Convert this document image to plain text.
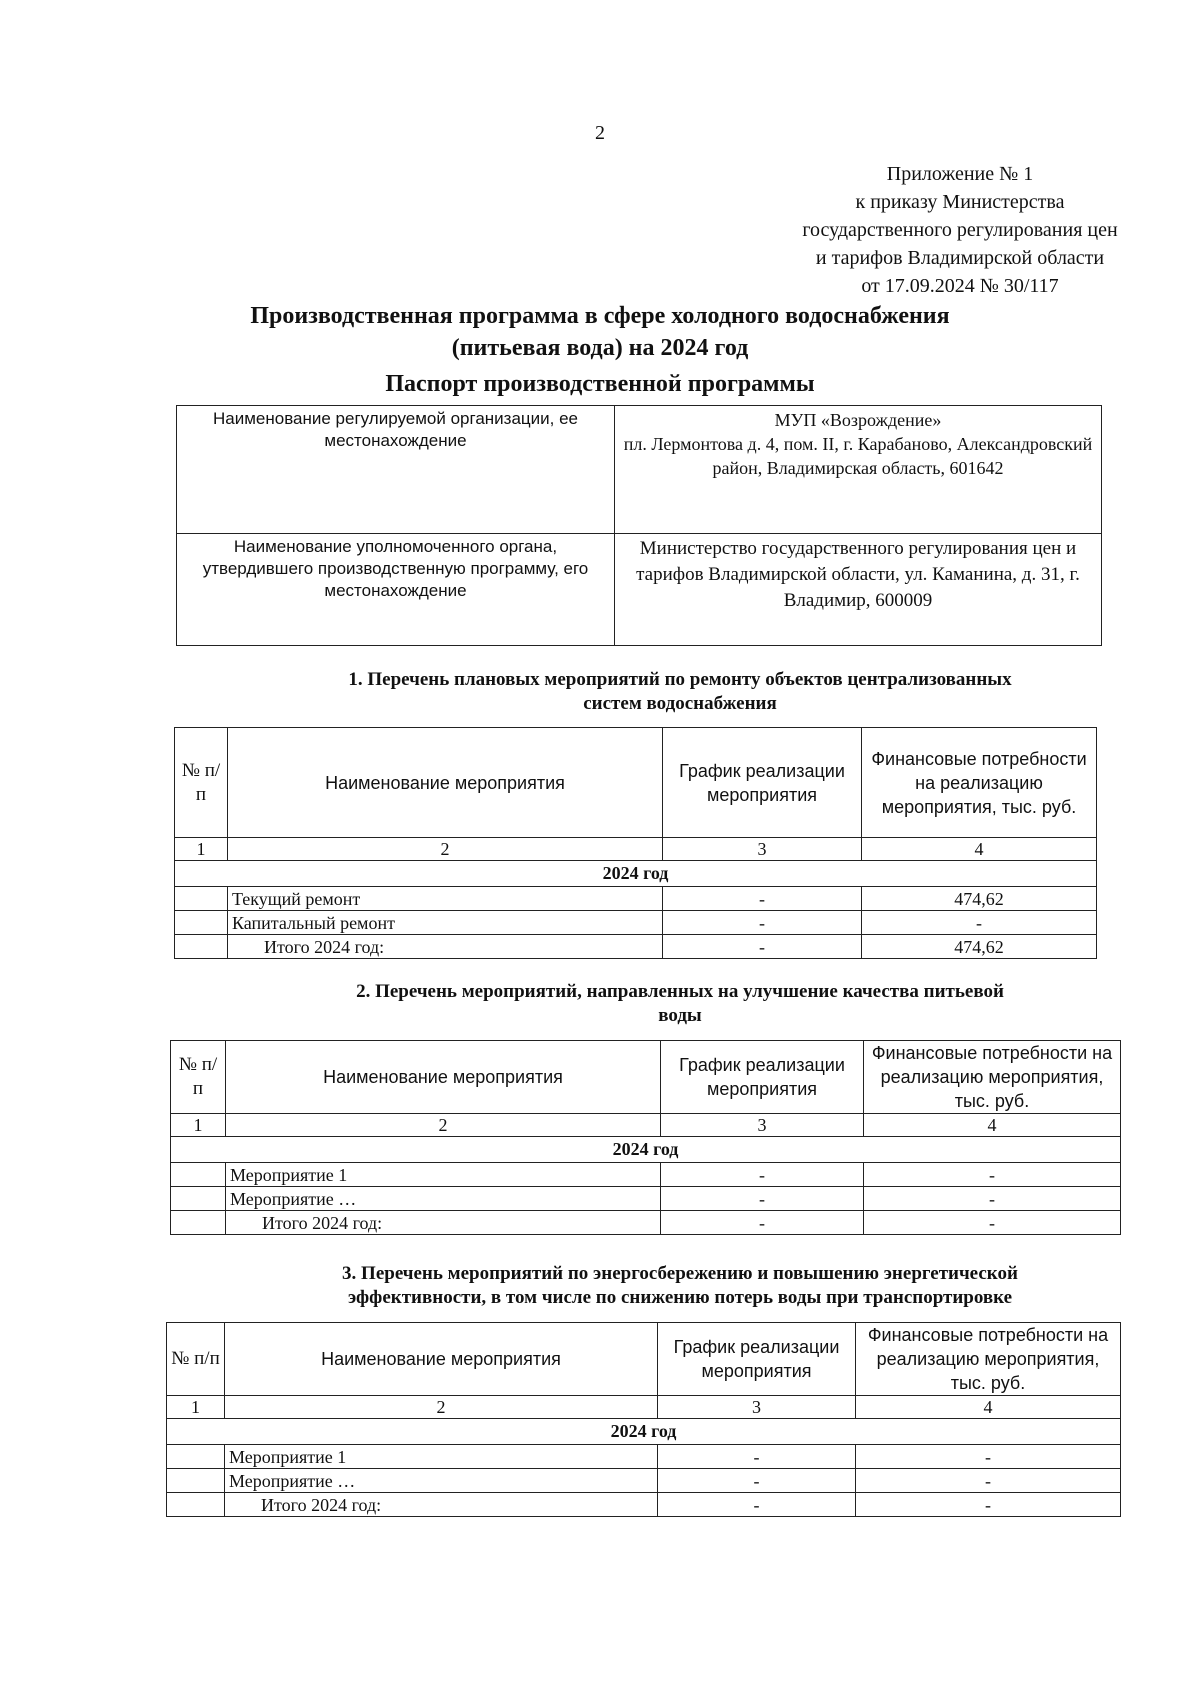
2
Приложение № 1
к приказу Министерства
государственного регулирования цен
и тарифов Владимирской области
от 17.09.2024 № 30/117
Производственная программа в сфере холодного водоснабжения
(питьевая вода) на 2024 год
Паспорт производственной программы
Наименование регулируемой организации, ее местонахождение	МУП «Возрождение»
пл. Лермонтова д. 4, пом. II, г. Карабаново, Александровский район, Владимирская область, 601642

Наименование уполномоченного органа, утвердившего производственную программу, его местонахождение	Министерство государственного регулирования цен и тарифов Владимирской области, ул. Каманина, д. 31, г. Владимир, 600009
1. Перечень плановых мероприятий по ремонту объектов централизованных
систем водоснабжения
№ п/п	Наименование мероприятия	График реализации мероприятия	Финансовые потребности на реализацию мероприятия, тыс. руб.
1	2	3	4
2024 год			
	Текущий ремонт	-	474,62
	Капитальный ремонт	-	-
	Итого 2024 год:	-	474,62
2. Перечень мероприятий, направленных на улучшение качества питьевой
воды
№ п/п	Наименование мероприятия	График реализации мероприятия	Финансовые потребности на реализацию мероприятия, тыс. руб.
1	2	3	4
2024 год			
	Мероприятие 1	-	-
	Мероприятие …	-	-
	Итого 2024 год:	-	-
3. Перечень мероприятий по энергосбережению и повышению энергетической
эффективности, в том числе по снижению потерь воды при транспортировке
№ п/п	Наименование мероприятия	График реализации мероприятия	Финансовые потребности на реализацию мероприятия, тыс. руб.
1	2	3	4
2024 год			
	Мероприятие 1	-	-
	Мероприятие …	-	-
	Итого 2024 год:	-	-
